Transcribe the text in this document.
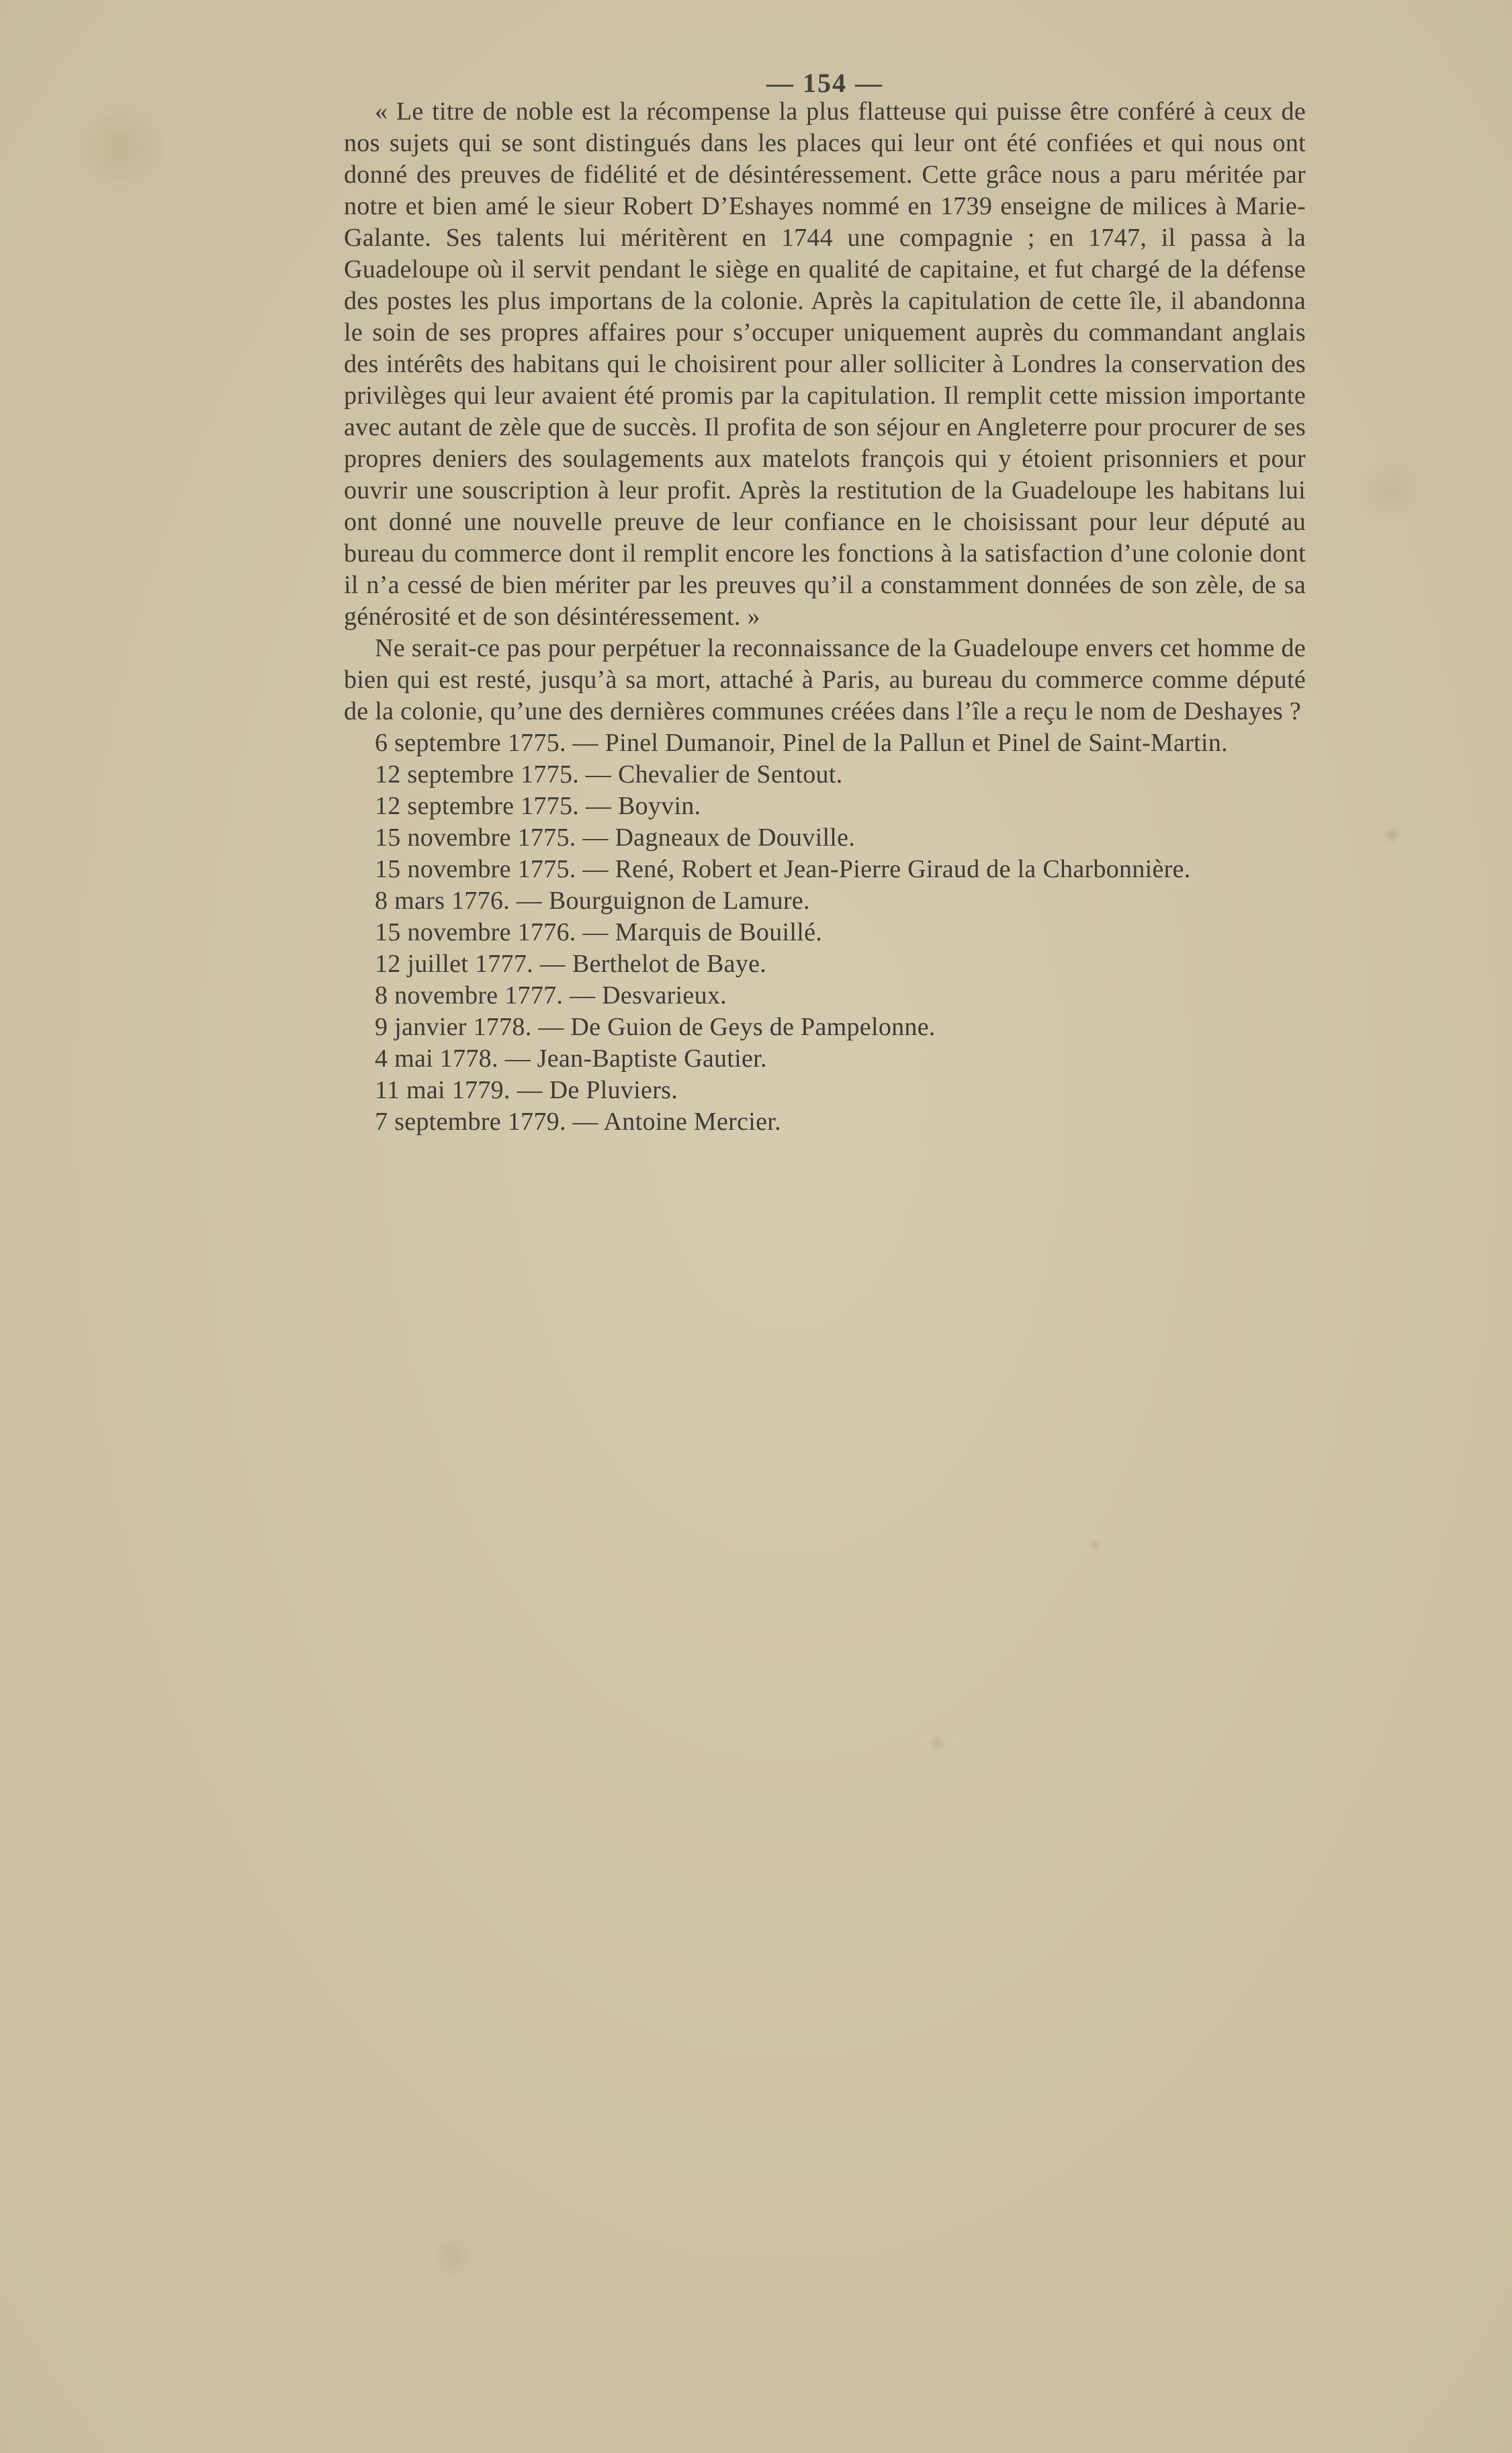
— 154 —

« Le titre de noble est la récompense la plus flatteuse qui puisse être conféré à ceux de nos sujets qui se sont distingués dans les places qui leur ont été confiées et qui nous ont donné des preuves de fidélité et de désintéressement. Cette grâce nous a paru méritée par notre et bien amé le sieur Robert D’Eshayes nommé en 1739 enseigne de milices à Marie-Galante. Ses talents lui méritèrent en 1744 une compagnie ; en 1747, il passa à la Guadeloupe où il servit pendant le siège en qualité de capitaine, et fut chargé de la défense des postes les plus importans de la colonie. Après la capitulation de cette île, il abandonna le soin de ses propres affaires pour s’occuper uniquement auprès du commandant anglais des intérêts des habitans qui le choisirent pour aller solliciter à Londres la conservation des privilèges qui leur avaient été promis par la capitulation. Il remplit cette mission importante avec autant de zèle que de succès. Il profita de son séjour en Angleterre pour procurer de ses propres deniers des soulagements aux matelots françois qui y étoient prisonniers et pour ouvrir une souscription à leur profit. Après la restitution de la Guadeloupe les habitans lui ont donné une nouvelle preuve de leur confiance en le choisissant pour leur député au bureau du commerce dont il remplit encore les fonctions à la satisfaction d’une colonie dont il n’a cessé de bien mériter par les preuves qu’il a constamment données de son zèle, de sa générosité et de son désintéressement. »

Ne serait-ce pas pour perpétuer la reconnaissance de la Guadeloupe envers cet homme de bien qui est resté, jusqu’à sa mort, attaché à Paris, au bureau du commerce comme député de la colonie, qu’une des dernières communes créées dans l’île a reçu le nom de Deshayes ?

6 septembre 1775. — Pinel Dumanoir, Pinel de la Pallun et Pinel de Saint-Martin.

12 septembre 1775. — Chevalier de Sentout.

12 septembre 1775. — Boyvin.

15 novembre 1775. — Dagneaux de Douville.

15 novembre 1775. — René, Robert et Jean-Pierre Giraud de la Charbonnière.

8 mars 1776. — Bourguignon de Lamure.

15 novembre 1776. — Marquis de Bouillé.

12 juillet 1777. — Berthelot de Baye.

8 novembre 1777. — Desvarieux.

9 janvier 1778. — De Guion de Geys de Pampelonne.

4 mai 1778. — Jean-Baptiste Gautier.

11 mai 1779. — De Pluviers.

7 septembre 1779. — Antoine Mercier.
